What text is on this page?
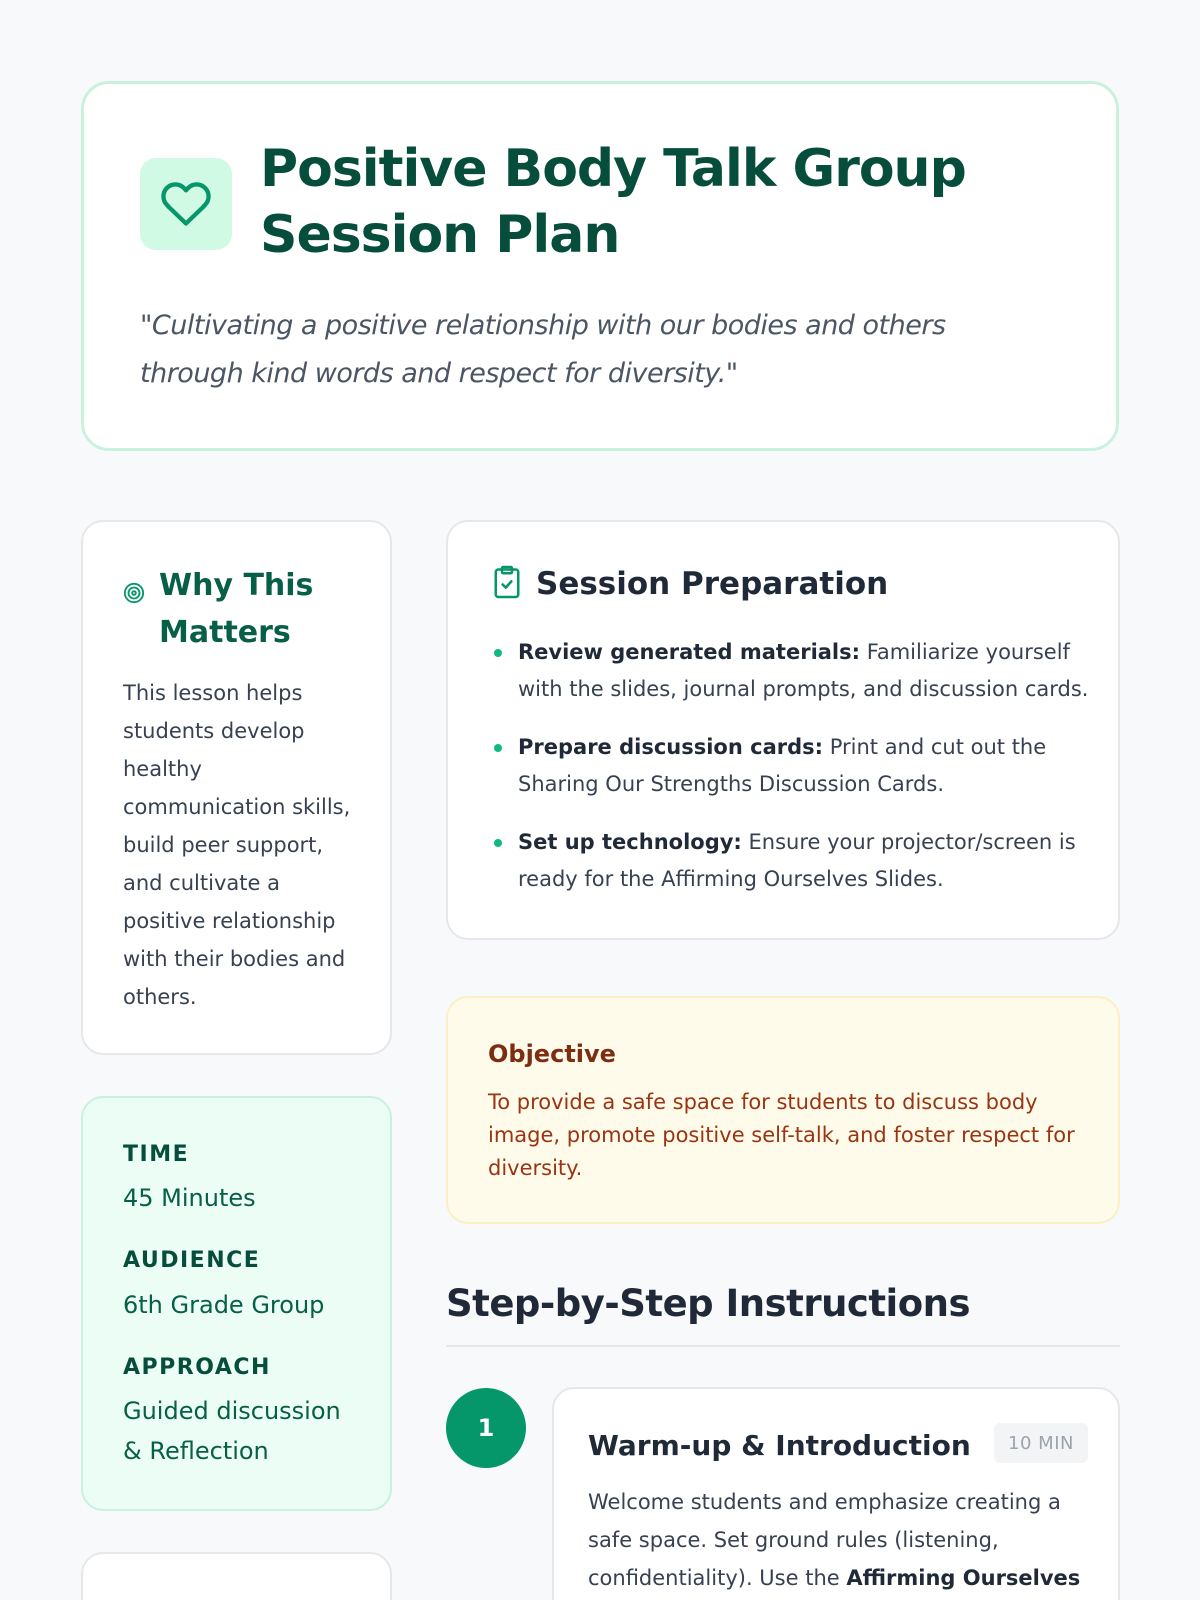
Positive Body Talk Group Session Plan

"Cultivating a positive relationship with our bodies and others through kind words and respect for diversity."

Why This Matters

This lesson helps students develop healthy communication skills, build peer support, and cultivate a positive relationship with their bodies and others.

TIME
45 Minutes
AUDIENCE
6th Grade Group
APPROACH
Guided discussion & Reflection
Session Preparation
Review generated materials: Familiarize yourself with the slides, journal prompts, and discussion cards.
Prepare discussion cards: Print and cut out the Sharing Our Strengths Discussion Cards.
Set up technology: Ensure your projector/screen is ready for the Affirming Ourselves Slides.
Objective

To provide a safe space for students to discuss body image, promote positive self-talk, and foster respect for diversity.

Step-by-Step Instructions
1
Warm-up & Introduction	10 MIN

Welcome students and emphasize creating a safe space. Set ground rules (listening, confidentiality). Use the Affirming Ourselves
